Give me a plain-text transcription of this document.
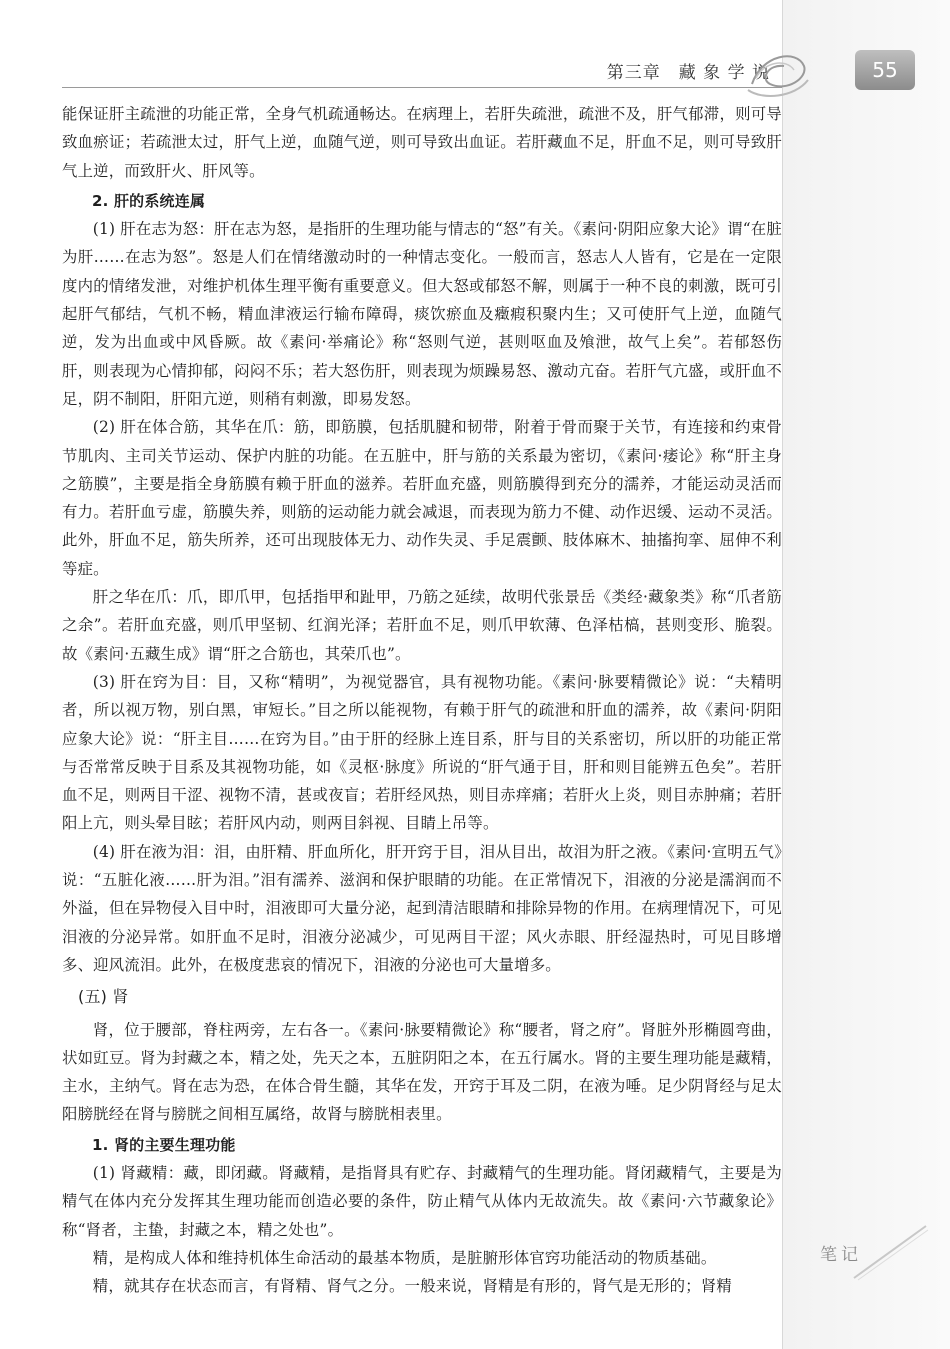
第三章　藏 象 学 说	55

能保证肝主疏泄的功能正常，全身气机疏通畅达。在病理上，若肝失疏泄，疏泄不及，肝气郁滞，则可导致血瘀证；若疏泄太过，肝气上逆，血随气逆，则可导致出血证。若肝藏血不足，肝血不足，则可导致肝气上逆，而致肝火、肝风等。

2. 肝的系统连属

(1) 肝在志为怒：肝在志为怒，是指肝的生理功能与情志的“怒”有关。《素问·阴阳应象大论》谓“在脏为肝……在志为怒”。怒是人们在情绪激动时的一种情志变化。一般而言，怒志人人皆有，它是在一定限度内的情绪发泄，对维护机体生理平衡有重要意义。但大怒或郁怒不解，则属于一种不良的刺激，既可引起肝气郁结，气机不畅，精血津液运行输布障碍，痰饮瘀血及癥瘕积聚内生；又可使肝气上逆，血随气逆，发为出血或中风昏厥。故《素问·举痛论》称“怒则气逆，甚则呕血及飧泄，故气上矣”。若郁怒伤肝，则表现为心情抑郁，闷闷不乐；若大怒伤肝，则表现为烦躁易怒、激动亢奋。若肝气亢盛，或肝血不足，阴不制阳，肝阳亢逆，则稍有刺激，即易发怒。

(2) 肝在体合筋，其华在爪：筋，即筋膜，包括肌腱和韧带，附着于骨而聚于关节，有连接和约束骨节肌肉、主司关节运动、保护内脏的功能。在五脏中，肝与筋的关系最为密切，《素问·痿论》称“肝主身之筋膜”，主要是指全身筋膜有赖于肝血的滋养。若肝血充盛，则筋膜得到充分的濡养，才能运动灵活而有力。若肝血亏虚，筋膜失养，则筋的运动能力就会减退，而表现为筋力不健、动作迟缓、运动不灵活。此外，肝血不足，筋失所养，还可出现肢体无力、动作失灵、手足震颤、肢体麻木、抽搐拘挛、屈伸不利等症。

肝之华在爪：爪，即爪甲，包括指甲和趾甲，乃筋之延续，故明代张景岳《类经·藏象类》称“爪者筋之余”。若肝血充盛，则爪甲坚韧、红润光泽；若肝血不足，则爪甲软薄、色泽枯槁，甚则变形、脆裂。故《素问·五藏生成》谓“肝之合筋也，其荣爪也”。

(3) 肝在窍为目：目，又称“精明”，为视觉器官，具有视物功能。《素问·脉要精微论》说：“夫精明者，所以视万物，别白黑，审短长。”目之所以能视物，有赖于肝气的疏泄和肝血的濡养，故《素问·阴阳应象大论》说：“肝主目……在窍为目。”由于肝的经脉上连目系，肝与目的关系密切，所以肝的功能正常与否常常反映于目系及其视物功能，如《灵枢·脉度》所说的“肝气通于目，肝和则目能辨五色矣”。若肝血不足，则两目干涩、视物不清，甚或夜盲；若肝经风热，则目赤痒痛；若肝火上炎，则目赤肿痛；若肝阳上亢，则头晕目眩；若肝风内动，则两目斜视、目睛上吊等。

(4) 肝在液为泪：泪，由肝精、肝血所化，肝开窍于目，泪从目出，故泪为肝之液。《素问·宣明五气》说：“五脏化液……肝为泪。”泪有濡养、滋润和保护眼睛的功能。在正常情况下，泪液的分泌是濡润而不外溢，但在异物侵入目中时，泪液即可大量分泌，起到清洁眼睛和排除异物的作用。在病理情况下，可见泪液的分泌异常。如肝血不足时，泪液分泌减少，可见两目干涩；风火赤眼、肝经湿热时，可见目眵增多、迎风流泪。此外，在极度悲哀的情况下，泪液的分泌也可大量增多。

(五) 肾

肾，位于腰部，脊柱两旁，左右各一。《素问·脉要精微论》称“腰者，肾之府”。肾脏外形椭圆弯曲，状如豇豆。肾为封藏之本，精之处，先天之本，五脏阴阳之本，在五行属水。肾的主要生理功能是藏精，主水，主纳气。肾在志为恐，在体合骨生髓，其华在发，开窍于耳及二阴，在液为唾。足少阴肾经与足太阳膀胱经在肾与膀胱之间相互属络，故肾与膀胱相表里。

1. 肾的主要生理功能

(1) 肾藏精：藏，即闭藏。肾藏精，是指肾具有贮存、封藏精气的生理功能。肾闭藏精气，主要是为精气在体内充分发挥其生理功能而创造必要的条件，防止精气从体内无故流失。故《素问·六节藏象论》称“肾者，主蛰，封藏之本，精之处也”。

精，是构成人体和维持机体生命活动的最基本物质，是脏腑形体官窍功能活动的物质基础。

精，就其存在状态而言，有肾精、肾气之分。一般来说，肾精是有形的，肾气是无形的；肾精

笔记
